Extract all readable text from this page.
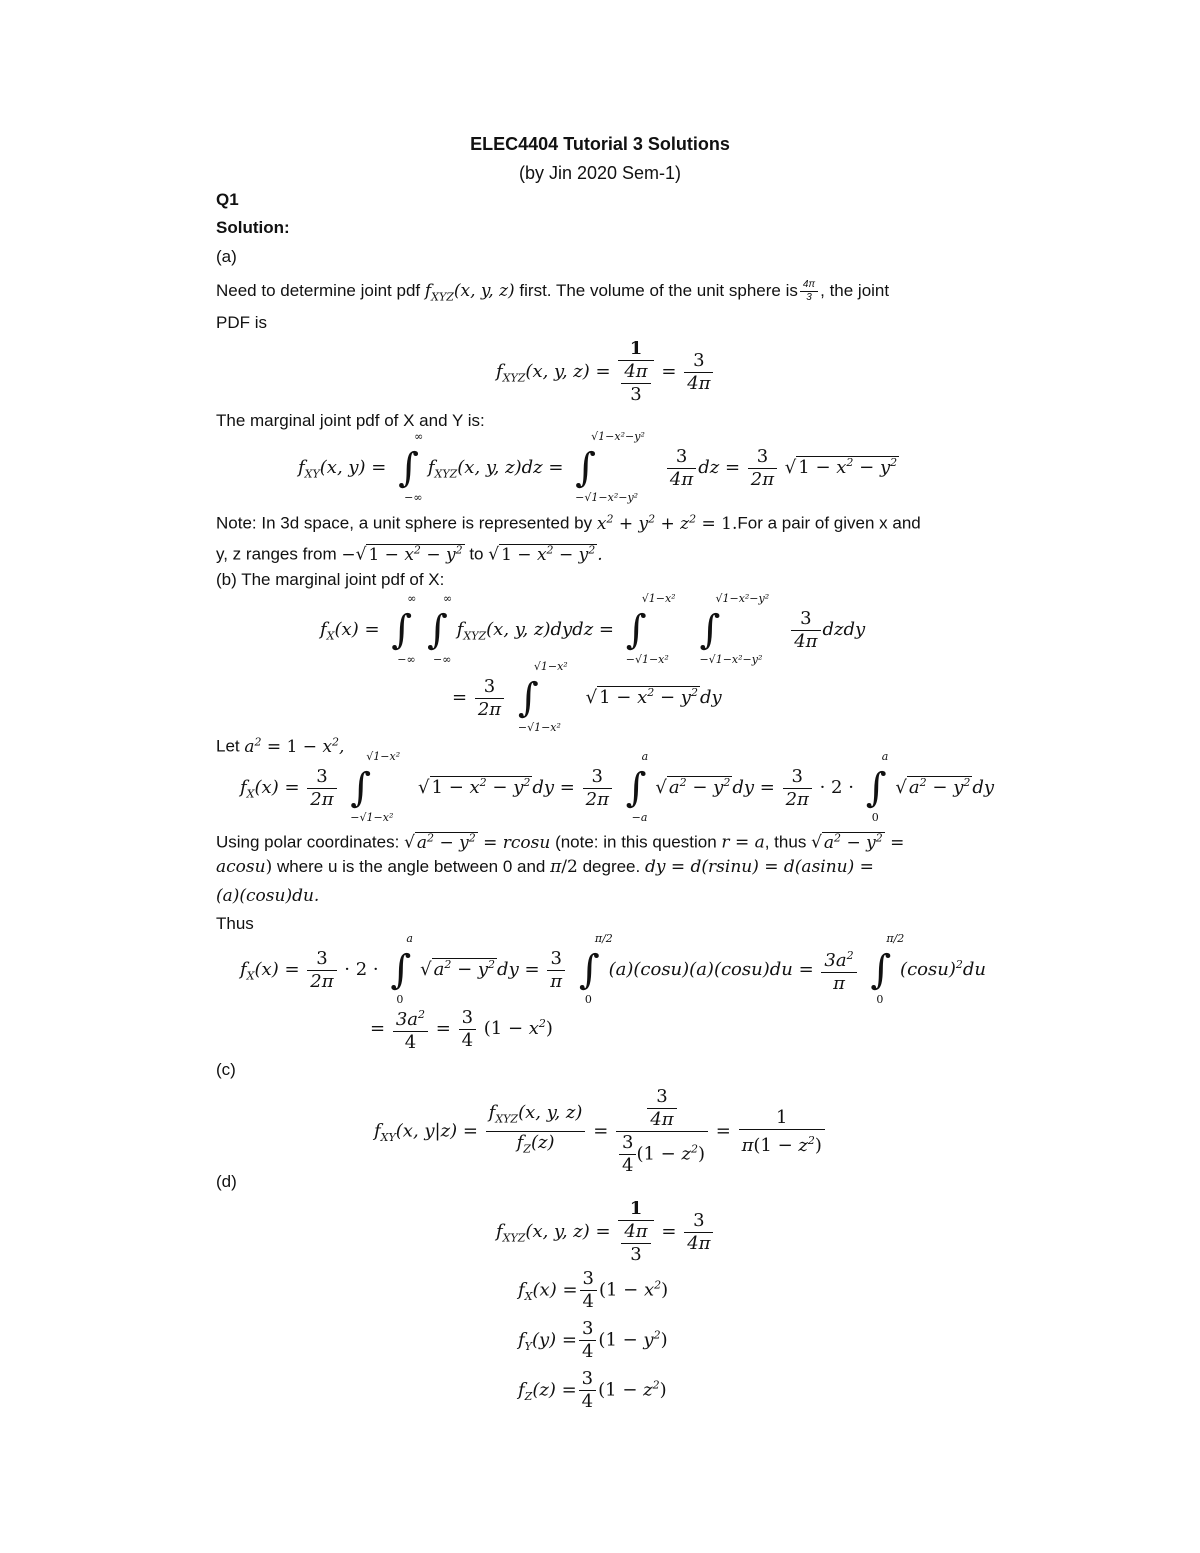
ELEC4404 Tutorial 3 Solutions
(by Jin 2020 Sem-1)
Q1
Solution:
(a)
Need to determine joint pdf $f_{XYZ}(x$, y, z) first. The volume of the unit sphere is $\frac{4\pi}{3}$ , the joint
PDF is
$f_{XYZ}(x$, y, $z) = \frac{1}{\frac{4\pi}{3}} = \frac{3}{4\pi}$
The marginal joint pdf of X and Y is:
$f_{XY}(x$, y) = ∫
∞
−∞
$f_{XYZ}(x$, y, z)dz = ∫
√1−x²−y²
−√1−x²−y²

$\frac{3}{4\pi}$ dz = $\frac{3}{2\pi}$ √ $1 - x^2 - y^2$
Note: In 3d space, a unit sphere is represented by $x^2 + y^2 + z^2 = 1.For$ a pair of given x and
y, z ranges from −√ $1 - x^2 - y^2$ to √ $1 - x^2 - y^2$ .
(b) The marginal joint pdf of X:
$f_X(x)$ = ∫
∞
−∞

∫
∞
−∞
$f_{XYZ}(x$, y, z)dydz = ∫
√1−x²
−√1−x²

∫
√1−x²−y²
−√1−x²−y²

$\frac{3}{4\pi}$ dzdy
= $\frac{3}{2\pi}$
∫
√1−x²
−√1−x²
√ $1 - x^2 - y^2$ dy
Let $a^2 = 1 - x^2$,
$f_X(x) = \frac{3}{2\pi}$
∫
√1−x²
−√1−x²
√ $1 - x^2 - y^2$ dy = $\frac{3}{2\pi}$
∫
a
−a
√ $a^2 - y^2$ dy = $\frac{3}{2\pi} \cdot 2$ · ∫
a
0
√ $a^2 - y^2$ dy
Using polar coordinates: √ $a^2 - y^2 = rcosu$ (note: in this question r = a, thus √ $a^2 - y^2$ =
acosu) where u is the angle between 0 and π/2 degree. dy = d(rsinu) = d(asinu) =
(a)(cosu)du.
Thus
$f_X(x) = \frac{3}{2\pi} \cdot 2$ · ∫
a
0
√ $a^2 - y^2$ dy = $\frac{3}{\pi}$
∫
π/2
0
$(a)(\cos u)(a)(\cos u)du = \frac{3a^2}{\pi}$
∫
π/2
0
$(\cos u)^2du$
= $\frac{3a^2}{4} = \frac{3}{4} (1 - x^2)$
(c)
$f_{XY}(x$, $y|z) = \frac{f_{XYZ}(x, y, z)}{f_Z(z)} = \frac{\frac{3}{4\pi}}{\frac{3}{4} (1 - z^2)} = \frac{1}{\pi(1 - z^2)}$
(d)
$f_{XYZ}(x$, y, $z) = \frac{1}{\frac{4\pi}{3}} = \frac{3}{4\pi}$
$f_X(x) = \frac{3}{4} (1 - x^2)$
$f_Y(y) = \frac{3}{4} (1 - y^2)$
$f_Z(z) = \frac{3}{4} (1 - z^2)$
